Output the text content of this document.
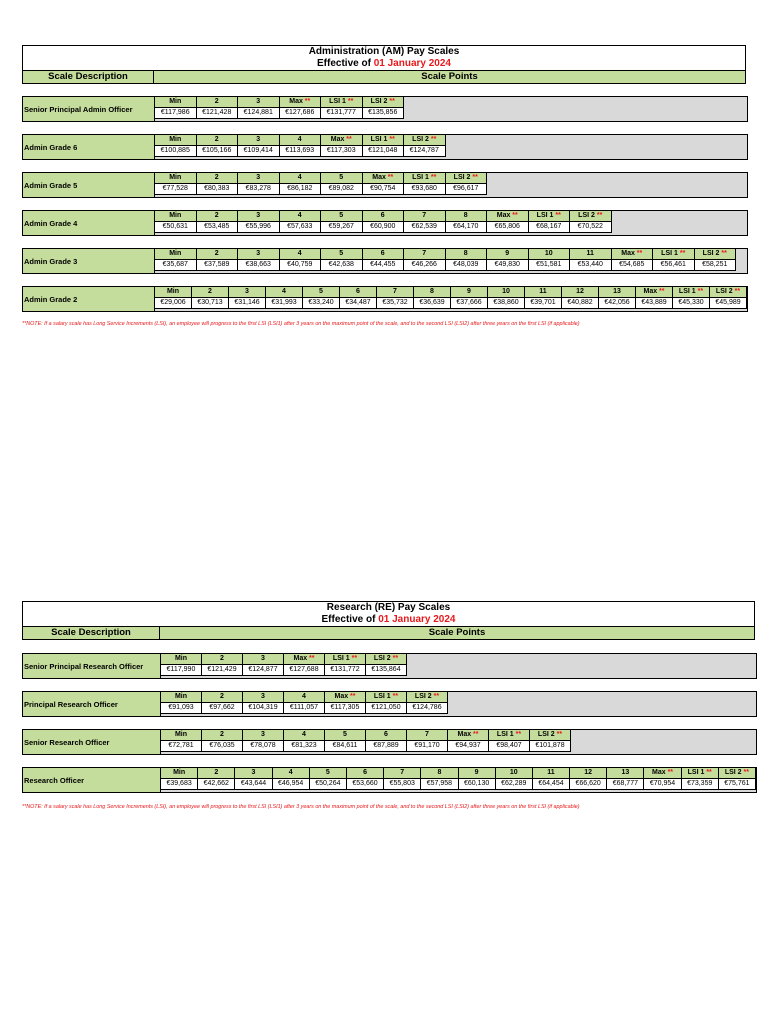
Administration (AM) Pay Scales
Effective of 01 January 2024
Scale Description	Scale Points
Senior Principal Admin Officer
Min	2	3	Max **	LSI 1 **	LSI 2 **
€117,986	€121,428	€124,881	€127,686	€131,777	€135,856
Admin Grade 6
Min	2	3	4	Max **	LSI 1 **	LSI 2 **
€100,885	€105,166	€109,414	€113,693	€117,303	€121,048	€124,787
Admin Grade 5
Min	2	3	4	5	Max **	LSI 1 **	LSI 2 **
€77,528	€80,383	€83,278	€86,182	€89,082	€90,754	€93,680	€96,617
Admin Grade 4
Min	2	3	4	5	6	7	8	Max **	LSI 1 **	LSI 2 **
€50,631	€53,485	€55,996	€57,633	€59,267	€60,900	€62,539	€64,170	€65,806	€68,167	€70,522
Admin Grade 3
Min	2	3	4	5	6	7	8	9	10	11	Max **	LSI 1 **	LSI 2 **
€35,687	€37,589	€38,663	€40,759	€42,638	€44,455	€46,266	€48,039	€49,830	€51,581	€53,440	€54,685	€56,461	€58,251
Admin Grade 2
Min	2	3	4	5	6	7	8	9	10	11	12	13	Max **	LSI 1 **	LSI 2 **
€29,006	€30,713	€31,146	€31,993	€33,240	€34,487	€35,732	€36,639	€37,666	€38,860	€39,701	€40,882	€42,056	€43,889	€45,330	€45,989
**NOTE: If a salary scale has Long Service Increments (LSI), an employee will progress to the first LSI (LSI1) after 3 years on the maximum point of the scale, and to the second LSI (LSI2) after three years on the first LSI (if applicable)
Research (RE) Pay Scales
Effective of 01 January 2024
Scale Description	Scale Points
Senior Principal Research Officer
Min	2	3	Max **	LSI 1 **	LSI 2 **
€117,990	€121,429	€124,877	€127,688	€131,772	€135,864
Principal Research Officer
Min	2	3	4	Max **	LSI 1 **	LSI 2 **
€91,093	€97,662	€104,319	€111,057	€117,305	€121,050	€124,786
Senior Research Officer
Min	2	3	4	5	6	7	Max **	LSI 1 **	LSI 2 **
€72,781	€76,035	€78,078	€81,323	€84,611	€87,889	€91,170	€94,937	€98,407	€101,878
Research Officer
Min	2	3	4	5	6	7	8	9	10	11	12	13	Max **	LSI 1 **	LSI 2 **
€39,683	€42,662	€43,644	€46,954	€50,264	€53,660	€55,803	€57,958	€60,130	€62,289	€64,454	€66,620	€68,777	€70,954	€73,359	€75,761
**NOTE: If a salary scale has Long Service Increments (LSI), an employee will progress to the first LSI (LSI1) after 3 years on the maximum point of the scale, and to the second LSI (LSI2) after three years on the first LSI (if applicable)
